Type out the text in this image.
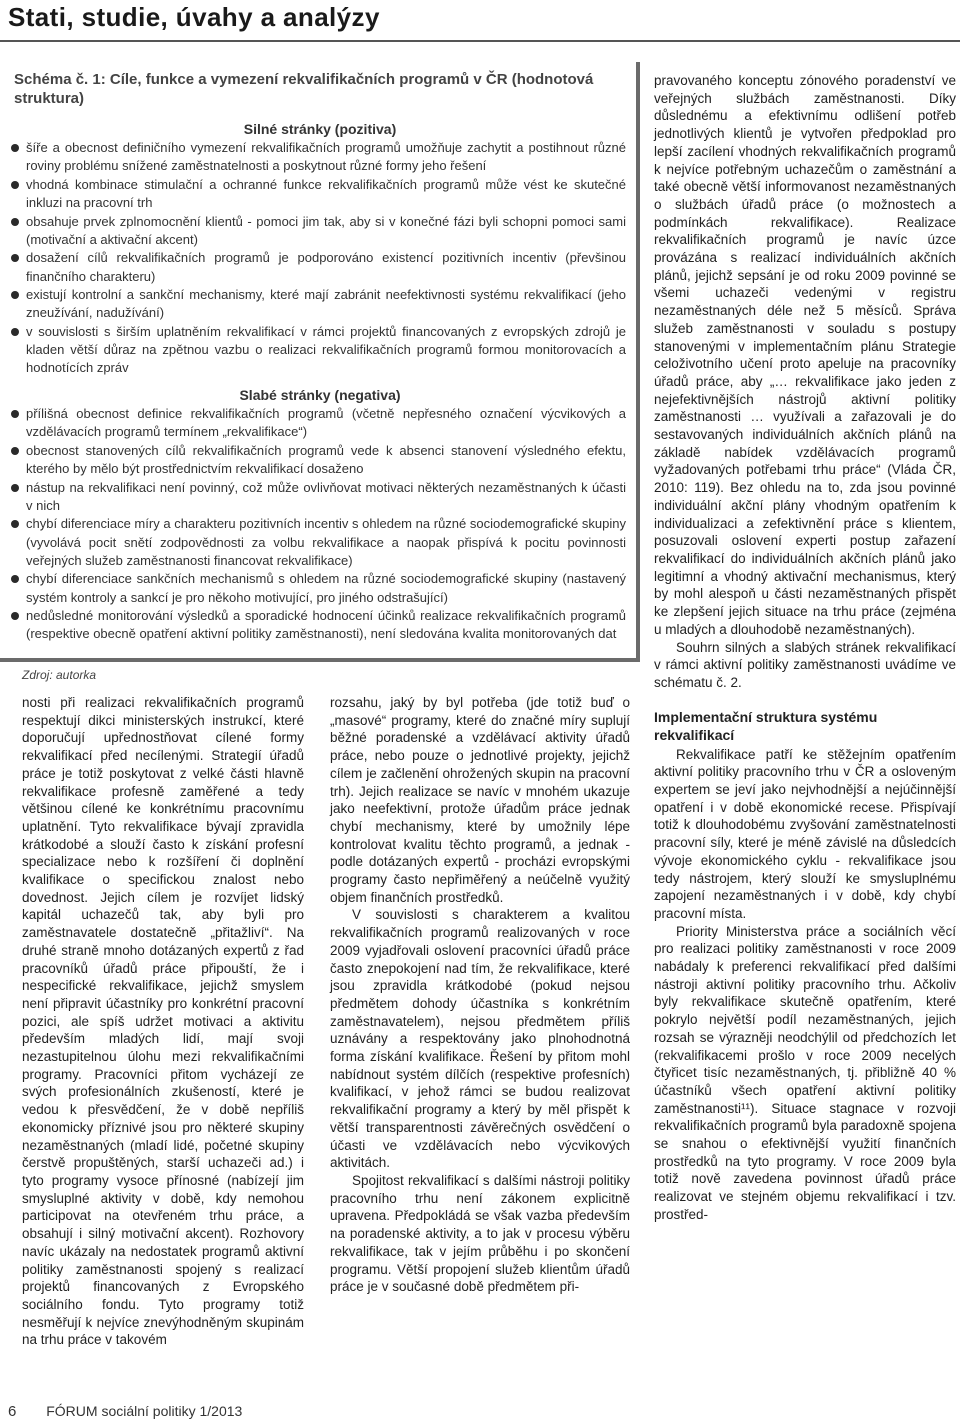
Stati, studie, úvahy a analýzy
Schéma č. 1: Cíle, funkce a vymezení rekvalifikačních programů v ČR (hodnotová struktura)
Silné stránky (pozitiva)
šíře a obecnost definičního vymezení rekvalifikačních programů umožňuje zachytit a postihnout různé roviny problému snížené zaměstnatelnosti a poskytnout různé formy jeho řešení
vhodná kombinace stimulační a ochranné funkce rekvalifikačních programů může vést ke skutečné inkluzi na pracovní trh
obsahuje prvek zplnomocnění klientů - pomoci jim tak, aby si v konečné fázi byli schopni pomoci sami (motivační a aktivační akcent)
dosažení cílů rekvalifikačních programů je podporováno existencí pozitivních incentiv (převšinou finančního charakteru)
existují kontrolní a sankční mechanismy, které mají zabránit neefektivnosti systému rekvalifikací (jeho zneužívání, nadužívání)
v souvislosti s širším uplatněním rekvalifikací v rámci projektů financovaných z evropských zdrojů je kladen větší důraz na zpětnou vazbu o realizaci rekvalifikačních programů formou monitorovacích a hodnotících zpráv
Slabé stránky (negativa)
přílišná obecnost definice rekvalifikačních programů (včetně nepřesného označení výcvikových a vzdělávacích programů termínem „rekvalifikace“)
obecnost stanovených cílů rekvalifikačních programů vede k absenci stanovení výsledného efektu, kterého by mělo být prostřednictvím rekvalifikací dosaženo
nástup na rekvalifikaci není povinný, což může ovlivňovat motivaci některých nezaměstnaných k účasti v nich
chybí diferenciace míry a charakteru pozitivních incentiv s ohledem na různé sociodemografické skupiny (vyvolává pocit snětí zodpovědnosti za volbu rekvalifikace a naopak přispívá k pocitu povinnosti veřejných služeb zaměstnanosti financovat rekvalifikace)
chybí diferenciace sankčních mechanismů s ohledem na různé sociodemografické skupiny (nastavený systém kontroly a sankcí je pro někoho motivující, pro jiného odstrašující)
nedůsledné monitorování výsledků a sporadické hodnocení účinků realizace rekvalifikačních programů (respektive obecně opatření aktivní politiky zaměstnanosti), není sledována kvalita monitorovaných dat
Zdroj: autorka

nosti při realizaci rekvalifikačních programů respektují dikci ministerských instrukcí, které doporučují upřednostňovat cílené formy rekvalifikací před necílenými. Strategií úřadů práce je totiž poskytovat z velké části hlavně rekvalifikace profesně zaměřené a tedy většinou cílené ke konkrétnímu pracovnímu uplatnění. Tyto rekvalifikace bývají zpravidla krátkodobé a slouží často k získání profesní specializace nebo k rozšíření či doplnění kvalifikace o specifickou znalost nebo dovednost. Jejich cílem je rozvíjet lidský kapitál uchazečů tak, aby byli pro zaměstnavatele dostatečně „přitažliví“. Na druhé straně mnoho dotázaných expertů z řad pracovníků úřadů práce připouští, že i nespecifické rekvalifikace, jejichž smyslem není připravit účastníky pro konkrétní pracovní pozici, ale spíš udržet motivaci a aktivitu především mladých lidí, mají svoji nezastupitelnou úlohu mezi rekvalifikačními programy. Pracovníci přitom vycházejí ze svých profesionálních zkušeností, které je vedou k přesvědčení, že v době nepříliš ekonomicky příznivé jsou pro některé skupiny nezaměstnaných (mladí lidé, početné skupiny čerstvě propuštěných, starší uchazeči ad.) i tyto programy vysoce přínosné (nabízejí jim smysluplné aktivity v době, kdy nemohou participovat na otevřeném trhu práce, a obsahují i silný motivační akcent). Rozhovory navíc ukázaly na nedostatek programů aktivní politiky zaměstnanosti spojený s realizací projektů financovaných z Evropského sociálního fondu. Tyto programy totiž nesměřují k nejvíce znevýhodněným skupinám na trhu práce v takovém

rozsahu, jaký by byl potřeba (jde totiž buď o „masové“ programy, které do značné míry suplují běžné poradenské a vzdělávací aktivity úřadů práce, nebo pouze o jednotlivé projekty, jejichž cílem je začlenění ohrožených skupin na pracovní trh). Jejich realizace se navíc v mnohém ukazuje jako neefektivní, protože úřadům práce jednak chybí mechanismy, které by umožnily lépe kontrolovat kvalitu těchto programů, a jednak - podle dotázaných expertů - procházi evropskými programy často nepřiměřený a neúčelně využitý objem finančních prostředků.

V souvislosti s charakterem a kvalitou rekvalifikačních programů realizovaných v roce 2009 vyjadřovali oslovení pracovníci úřadů práce často znepokojení nad tím, že rekvalifikace, které jsou zpravidla krátkodobé (pokud nejsou předmětem dohody účastníka s konkrétním zaměstnavatelem), nejsou předmětem příliš uznávány a respektovány jako plnohodnotná forma získání kvalifikace. Řešení by přitom mohl nabídnout systém dílčích (respektive profesních) kvalifikací, v jehož rámci se budou realizovat rekvalifikační programy a který by měl přispět k větší transparentnosti závěrečných osvědčení o účasti ve vzdělávacích nebo výcvikových aktivitách.

Spojitost rekvalifikací s dalšími nástroji politiky pracovního trhu není zákonem explicitně upravena. Předpokládá se však vazba především na poradenské aktivity, a to jak v procesu výběru rekvalifikace, tak v jejím průběhu i po skončení programu. Větší propojení služeb klientům úřadů práce je v současné době předmětem při-

pravovaného konceptu zónového poradenství ve veřejných službách zaměstnanosti. Díky důslednému a efektivnímu odlišení potřeb jednotlivých klientů je vytvořen předpoklad pro lepší zacílení vhodných rekvalifikačních programů k nejvíce potřebným uchazečům o zaměstnání a také obecně větší informovanost nezaměstnaných o službách úřadů práce (o možnostech a podmínkách rekvalifikace). Realizace rekvalifikačních programů je navíc úzce provázána s realizací individuálních akčních plánů, jejichž sepsání je od roku 2009 povinné se všemi uchazeči vedenými v registru nezaměstnaných déle než 5 měsíců. Správa služeb zaměstnanosti v souladu s postupy stanovenými v implementačním plánu Strategie celoživotního učení proto apeluje na pracovníky úřadů práce, aby „… rekvalifikace jako jeden z nejefektivnějších nástrojů aktivní politiky zaměstnanosti … využívali a zařazovali je do sestavovaných individuálních akčních plánů na základě nabídek vzdělávacích programů vyžadovaných potřebami trhu práce“ (Vláda ČR, 2010: 119). Bez ohledu na to, zda jsou povinné individuální akční plány vhodným opatřením k individualizaci a zefektivnění práce s klientem, posuzovali oslovení experti postup zařazení rekvalifikací do individuálních akčních plánů jako legitimní a vhodný aktivační mechanismus, který by mohl alespoň u části nezaměstnaných přispět ke zlepšení jejich situace na trhu práce (zejména u mladých a dlouhodobě nezaměstnaných).

Souhrn silných a slabých stránek rekvalifikací v rámci aktivní politiky zaměstnanosti uvádíme ve schématu č. 2.

Implementační struktura systému rekvalifikací

Rekvalifikace patří ke stěžejním opatřením aktivní politiky pracovního trhu v ČR a osloveným expertem se jeví jako nejvhodnější a nejúčinnější opatření i v době ekonomické recese. Přispívají totiž k dlouhodobému zvyšování zaměstnatelnosti pracovní síly, které je méně závislé na důsledcích vývoje ekonomického cyklu - rekvalifikace jsou tedy nástrojem, který slouží ke smysluplnému zapojení nezaměstnaných i v době, kdy chybí pracovní místa.

Priority Ministerstva práce a sociálních věcí pro realizaci politiky zaměstnanosti v roce 2009 nabádaly k preferenci rekvalifikací před dalšími nástroji aktivní politiky pracovního trhu. Ačkoliv byly rekvalifikace skutečně opatřením, které pokrylo největší podíl nezaměstnaných, jejich rozsah se výrazněji neodchýlil od předchozích let (rekvalifikacemi prošlo v roce 2009 necelých čtyřicet tisíc nezaměstnaných, tj. přibližně 40 % účastníků všech opatření aktivní politiky zaměstnanosti¹¹). Situace stagnace v rozvoji rekvalifikačních programů byla paradoxně spojena se snahou o efektivnější využití finančních prostředků na tyto programy. V roce 2009 byla totiž nově zavedena povinnost úřadů práce realizovat ve stejném objemu rekvalifikací i tzv. prostřed-

6 FÓRUM sociální politiky 1/2013
